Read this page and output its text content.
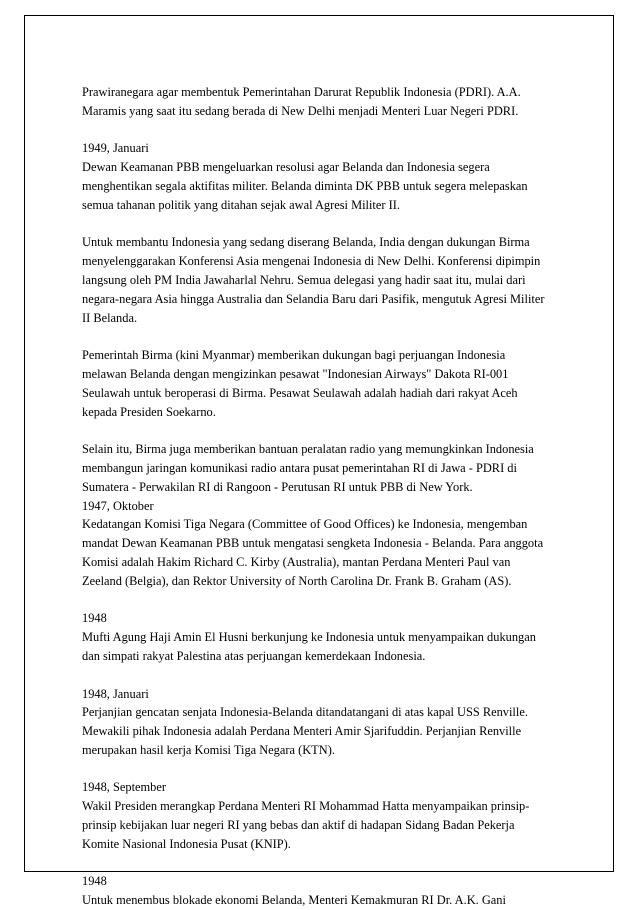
Prawiranegara agar membentuk Pemerintahan Darurat Republik Indonesia (PDRI). A.A.
Maramis yang saat itu sedang berada di New Delhi menjadi Menteri Luar Negeri PDRI.
1949, Januari
Dewan Keamanan PBB mengeluarkan resolusi agar Belanda dan Indonesia segera
menghentikan segala aktifitas militer. Belanda diminta DK PBB untuk segera melepaskan
semua tahanan politik yang ditahan sejak awal Agresi Militer II.
Untuk membantu Indonesia yang sedang diserang Belanda, India dengan dukungan Birma
menyelenggarakan Konferensi Asia mengenai Indonesia di New Delhi. Konferensi dipimpin
langsung oleh PM India Jawaharlal Nehru. Semua delegasi yang hadir saat itu, mulai dari
negara-negara Asia hingga Australia dan Selandia Baru dari Pasifik, mengutuk Agresi Militer
II Belanda.
Pemerintah Birma (kini Myanmar) memberikan dukungan bagi perjuangan Indonesia
melawan Belanda dengan mengizinkan pesawat "Indonesian Airways" Dakota RI-001
Seulawah untuk beroperasi di Birma. Pesawat Seulawah adalah hadiah dari rakyat Aceh
kepada Presiden Soekarno.
Selain itu, Birma juga memberikan bantuan peralatan radio yang memungkinkan Indonesia
membangun jaringan komunikasi radio antara pusat pemerintahan RI di Jawa - PDRI di
Sumatera - Perwakilan RI di Rangoon - Perutusan RI untuk PBB di New York.
1947, Oktober
Kedatangan Komisi Tiga Negara (Committee of Good Offices) ke Indonesia, mengemban
mandat Dewan Keamanan PBB untuk mengatasi sengketa Indonesia - Belanda. Para anggota
Komisi adalah Hakim Richard C. Kirby (Australia), mantan Perdana Menteri Paul van
Zeeland (Belgia), dan Rektor University of North Carolina Dr. Frank B. Graham (AS).
1948
Mufti Agung Haji Amin El Husni berkunjung ke Indonesia untuk menyampaikan dukungan
dan simpati rakyat Palestina atas perjuangan kemerdekaan Indonesia.
1948, Januari
Perjanjian gencatan senjata Indonesia-Belanda ditandatangani di atas kapal USS Renville.
Mewakili pihak Indonesia adalah Perdana Menteri Amir Sjarifuddin. Perjanjian Renville
merupakan hasil kerja Komisi Tiga Negara (KTN).
1948, September
Wakil Presiden merangkap Perdana Menteri RI Mohammad Hatta menyampaikan prinsip-
prinsip kebijakan luar negeri RI yang bebas dan aktif di hadapan Sidang Badan Pekerja
Komite Nasional Indonesia Pusat (KNIP).
1948
Untuk menembus blokade ekonomi Belanda, Menteri Kemakmuran RI Dr. A.K. Gani
